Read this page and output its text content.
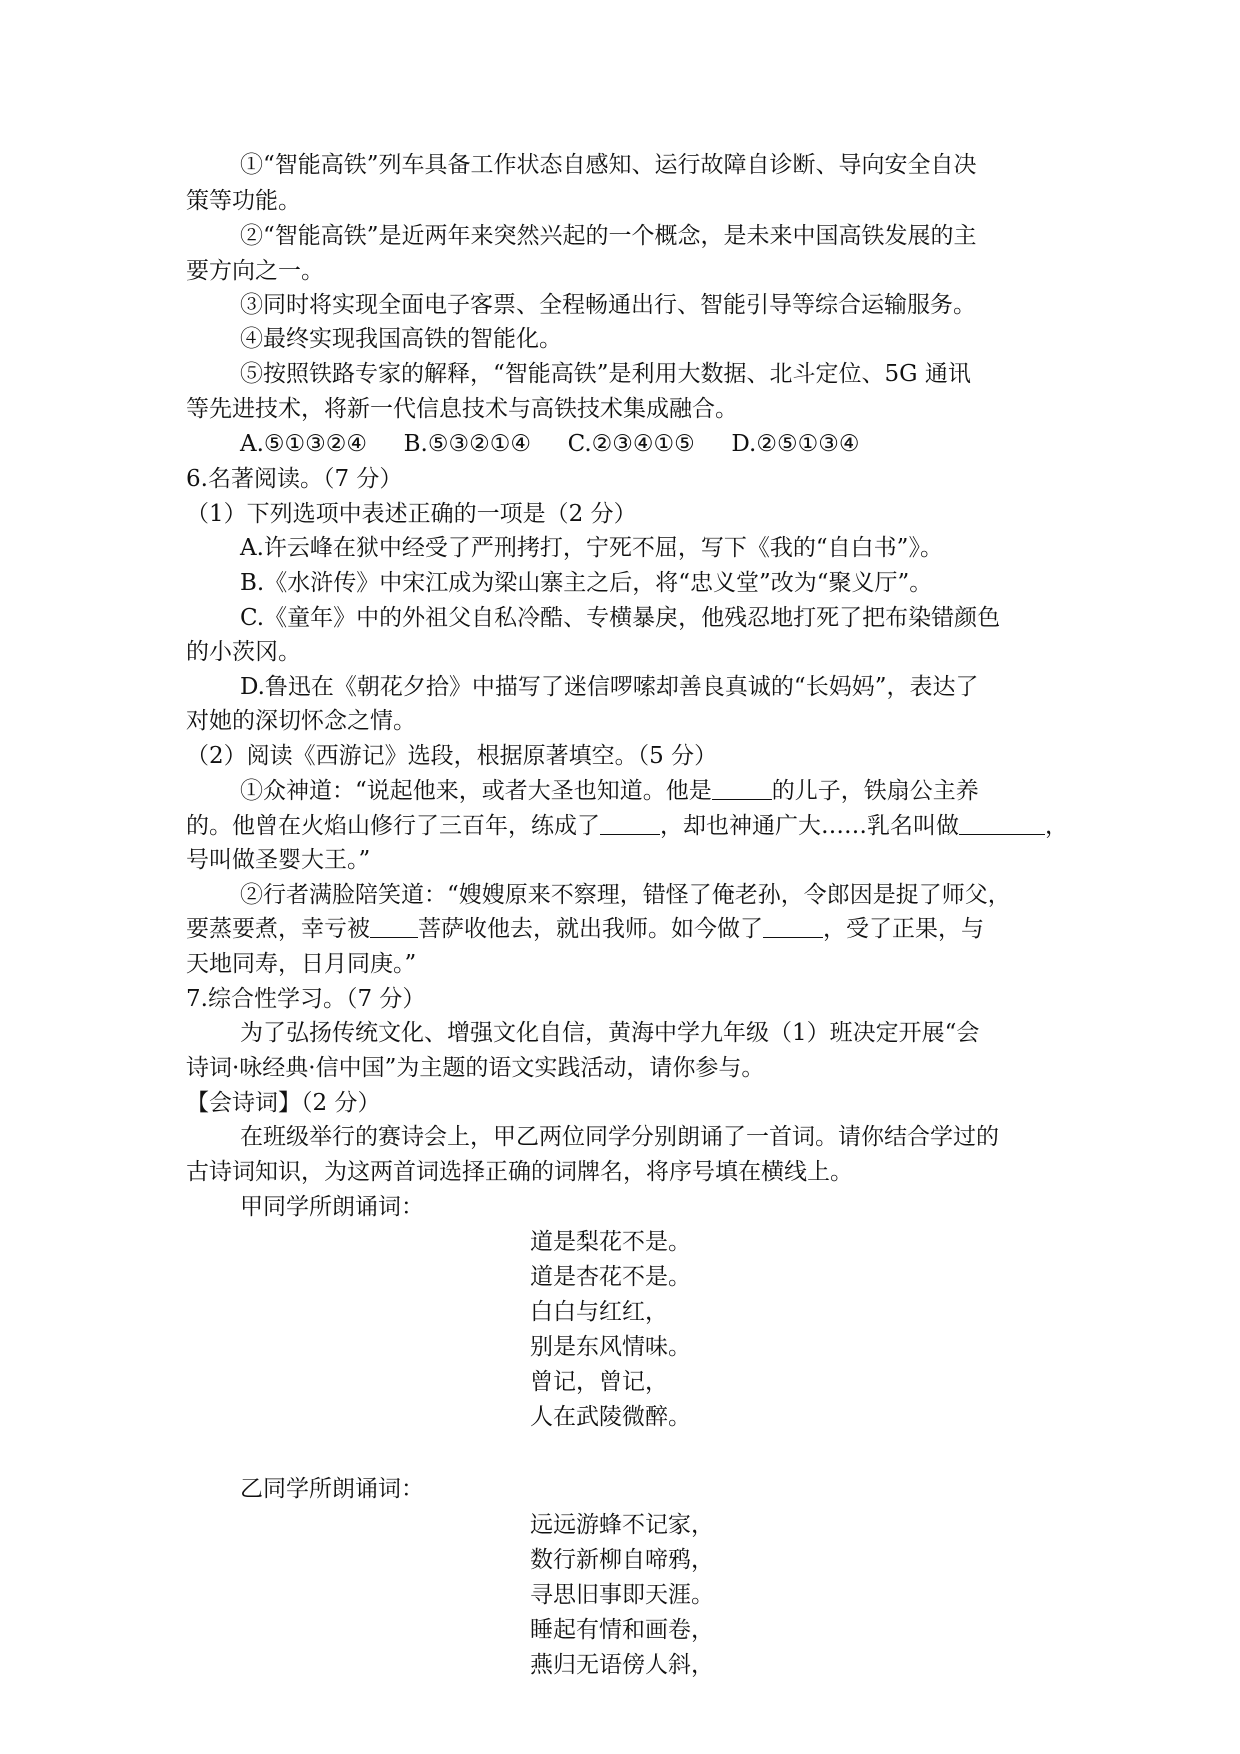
①“智能高铁”列车具备工作状态自感知、运行故障自诊断、导向安全自决
策等功能。
②“智能高铁”是近两年来突然兴起的一个概念，是未来中国高铁发展的主
要方向之一。
③同时将实现全面电子客票、全程畅通出行、智能引导等综合运输服务。
④最终实现我国高铁的智能化。
⑤按照铁路专家的解释，“智能高铁”是利用大数据、北斗定位、5G 通讯
等先进技术，将新一代信息技术与高铁技术集成融合。
A.⑤①③②④ B.⑤③②①④ C.②③④①⑤ D.②⑤①③④
6.名著阅读。（7 分）
（1）下列选项中表述正确的一项是（2 分）
A.许云峰在狱中经受了严刑拷打，宁死不屈，写下《我的“自白书”》。
B.《水浒传》中宋江成为梁山寨主之后，将“忠义堂”改为“聚义厅”。
C.《童年》中的外祖父自私冷酷、专横暴戾，他残忍地打死了把布染错颜色
的小茨冈。
D.鲁迅在《朝花夕拾》中描写了迷信啰嗦却善良真诚的“长妈妈”，表达了
对她的深切怀念之情。
（2）阅读《西游记》选段，根据原著填空。（5 分）
①众神道：“说起他来，或者大圣也知道。他是	的儿子，铁扇公主养
的。他曾在火焰山修行了三百年，练成了	，却也神通广大……乳名叫做	，
号叫做圣婴大王。”
②行者满脸陪笑道：“嫂嫂原来不察理，错怪了俺老孙，令郎因是捉了师父，
要蒸要煮，幸亏被 菩萨收他去，就出我师。如今做了	，受了正果，与
天地同寿，日月同庚。”
7.综合性学习。（7 分）
为了弘扬传统文化、增强文化自信，黄海中学九年级（1）班决定开展“会
诗词·咏经典·信中国”为主题的语文实践活动，请你参与。
【会诗词】（2 分）
在班级举行的赛诗会上，甲乙两位同学分别朗诵了一首词。请你结合学过的
古诗词知识，为这两首词选择正确的词牌名，将序号填在横线上。
甲同学所朗诵词：
道是梨花不是。
道是杏花不是。
白白与红红，
别是东风情味。
曾记，曾记，
人在武陵微醉。
乙同学所朗诵词：
远远游蜂不记家，
数行新柳自啼鸦，
寻思旧事即天涯。
睡起有情和画卷，
燕归无语傍人斜，
